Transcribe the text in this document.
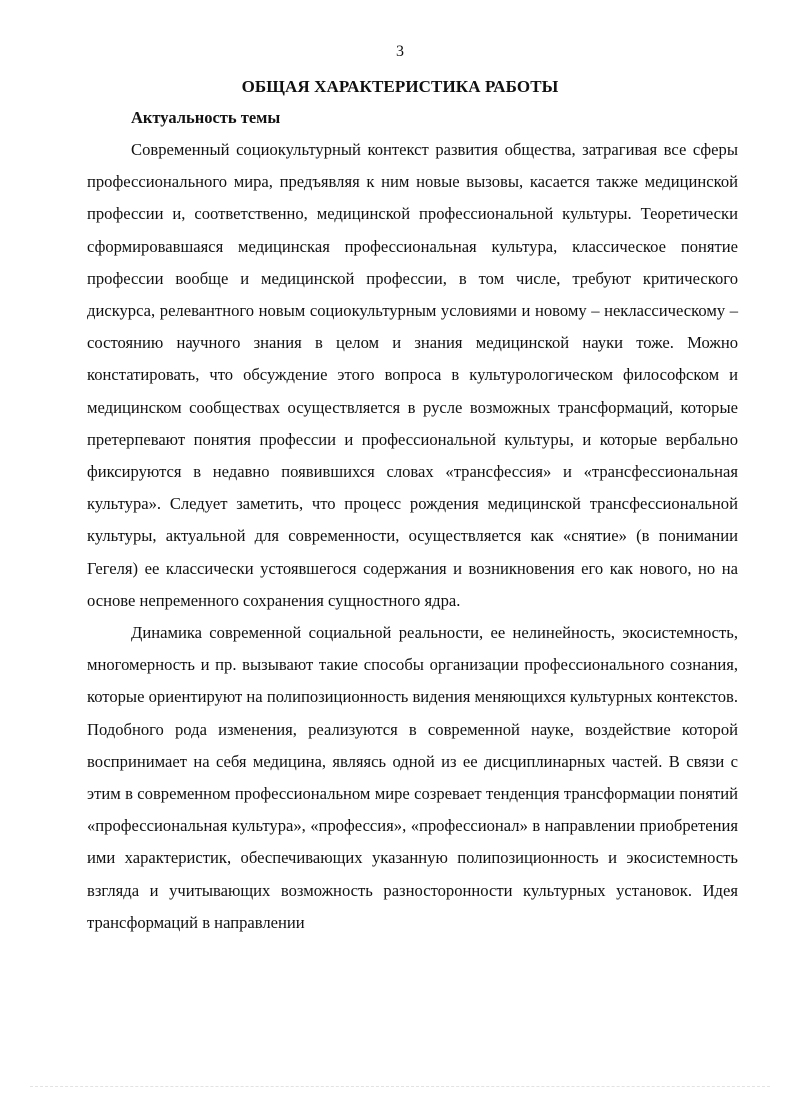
3
ОБЩАЯ ХАРАКТЕРИСТИКА РАБОТЫ
Актуальность темы

Современный социокультурный контекст развития общества, затрагивая все сферы профессионального мира, предъявляя к ним новые вызовы, касается также медицинской профессии и, соответственно, медицинской профессиональной культуры. Теоретически сформировавшаяся медицинская профессиональная культура, классическое понятие профессии вообще и медицинской профессии, в том числе, требуют критического дискурса, релевантного новым социокультурным условиями и новому – неклассическому – состоянию научного знания в целом и знания медицинской науки тоже. Можно констатировать, что обсуждение этого вопроса в культурологическом философском и медицинском сообществах осуществляется в русле возможных трансформаций, которые претерпевают понятия профессии и профессиональной культуры, и которые вербально фиксируются в недавно появившихся словах «трансфессия» и «трансфессиональная культура». Следует заметить, что процесс рождения медицинской трансфессиональной культуры, актуальной для современности, осуществляется как «снятие» (в понимании Гегеля) ее классически устоявшегося содержания и возникновения его как нового, но на основе непременного сохранения сущностного ядра.

Динамика современной социальной реальности, ее нелинейность, экосистемность, многомерность и пр. вызывают такие способы организации профессионального сознания, которые ориентируют на полипозиционность видения меняющихся культурных контекстов. Подобного рода изменения, реализуются в современной науке, воздействие которой воспринимает на себя медицина, являясь одной из ее дисциплинарных частей. В связи с этим в современном профессиональном мире созревает тенденция трансформации понятий «профессиональная культура», «профессия», «профессионал» в направлении приобретения ими характеристик, обеспечивающих указанную полипозиционность и экосистемность взгляда и учитывающих возможность разносторонности культурных установок. Идея трансформаций в направлении
